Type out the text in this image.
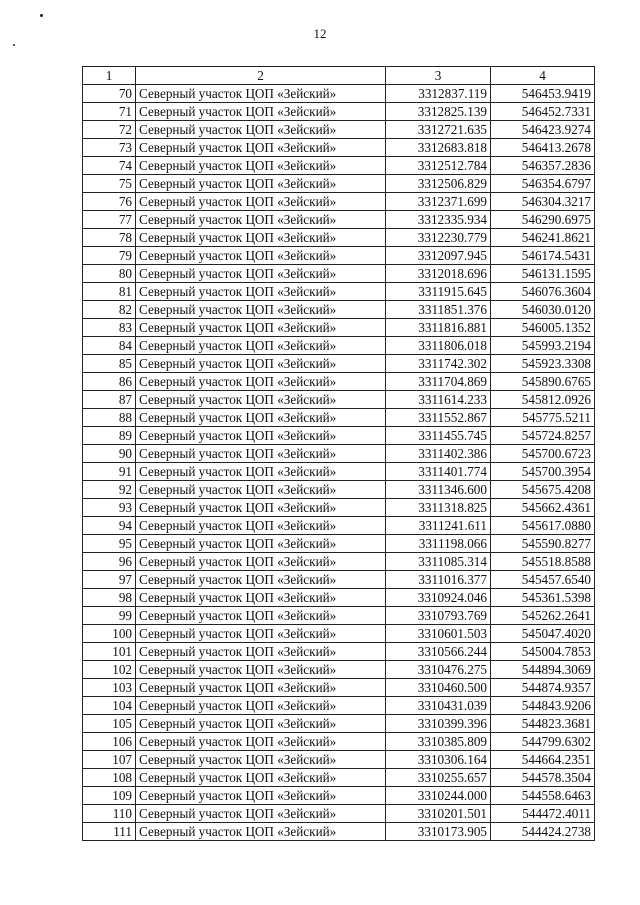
12
1	2	3	4
70	Северный участок ЦОП «Зейский»	3312837.119	546453.9419
71	Северный участок ЦОП «Зейский»	3312825.139	546452.7331
72	Северный участок ЦОП «Зейский»	3312721.635	546423.9274
73	Северный участок ЦОП «Зейский»	3312683.818	546413.2678
74	Северный участок ЦОП «Зейский»	3312512.784	546357.2836
75	Северный участок ЦОП «Зейский»	3312506.829	546354.6797
76	Северный участок ЦОП «Зейский»	3312371.699	546304.3217
77	Северный участок ЦОП «Зейский»	3312335.934	546290.6975
78	Северный участок ЦОП «Зейский»	3312230.779	546241.8621
79	Северный участок ЦОП «Зейский»	3312097.945	546174.5431
80	Северный участок ЦОП «Зейский»	3312018.696	546131.1595
81	Северный участок ЦОП «Зейский»	3311915.645	546076.3604
82	Северный участок ЦОП «Зейский»	3311851.376	546030.0120
83	Северный участок ЦОП «Зейский»	3311816.881	546005.1352
84	Северный участок ЦОП «Зейский»	3311806.018	545993.2194
85	Северный участок ЦОП «Зейский»	3311742.302	545923.3308
86	Северный участок ЦОП «Зейский»	3311704.869	545890.6765
87	Северный участок ЦОП «Зейский»	3311614.233	545812.0926
88	Северный участок ЦОП «Зейский»	3311552.867	545775.5211
89	Северный участок ЦОП «Зейский»	3311455.745	545724.8257
90	Северный участок ЦОП «Зейский»	3311402.386	545700.6723
91	Северный участок ЦОП «Зейский»	3311401.774	545700.3954
92	Северный участок ЦОП «Зейский»	3311346.600	545675.4208
93	Северный участок ЦОП «Зейский»	3311318.825	545662.4361
94	Северный участок ЦОП «Зейский»	3311241.611	545617.0880
95	Северный участок ЦОП «Зейский»	3311198.066	545590.8277
96	Северный участок ЦОП «Зейский»	3311085.314	545518.8588
97	Северный участок ЦОП «Зейский»	3311016.377	545457.6540
98	Северный участок ЦОП «Зейский»	3310924.046	545361.5398
99	Северный участок ЦОП «Зейский»	3310793.769	545262.2641
100	Северный участок ЦОП «Зейский»	3310601.503	545047.4020
101	Северный участок ЦОП «Зейский»	3310566.244	545004.7853
102	Северный участок ЦОП «Зейский»	3310476.275	544894.3069
103	Северный участок ЦОП «Зейский»	3310460.500	544874.9357
104	Северный участок ЦОП «Зейский»	3310431.039	544843.9206
105	Северный участок ЦОП «Зейский»	3310399.396	544823.3681
106	Северный участок ЦОП «Зейский»	3310385.809	544799.6302
107	Северный участок ЦОП «Зейский»	3310306.164	544664.2351
108	Северный участок ЦОП «Зейский»	3310255.657	544578.3504
109	Северный участок ЦОП «Зейский»	3310244.000	544558.6463
110	Северный участок ЦОП «Зейский»	3310201.501	544472.4011
111	Северный участок ЦОП «Зейский»	3310173.905	544424.2738
